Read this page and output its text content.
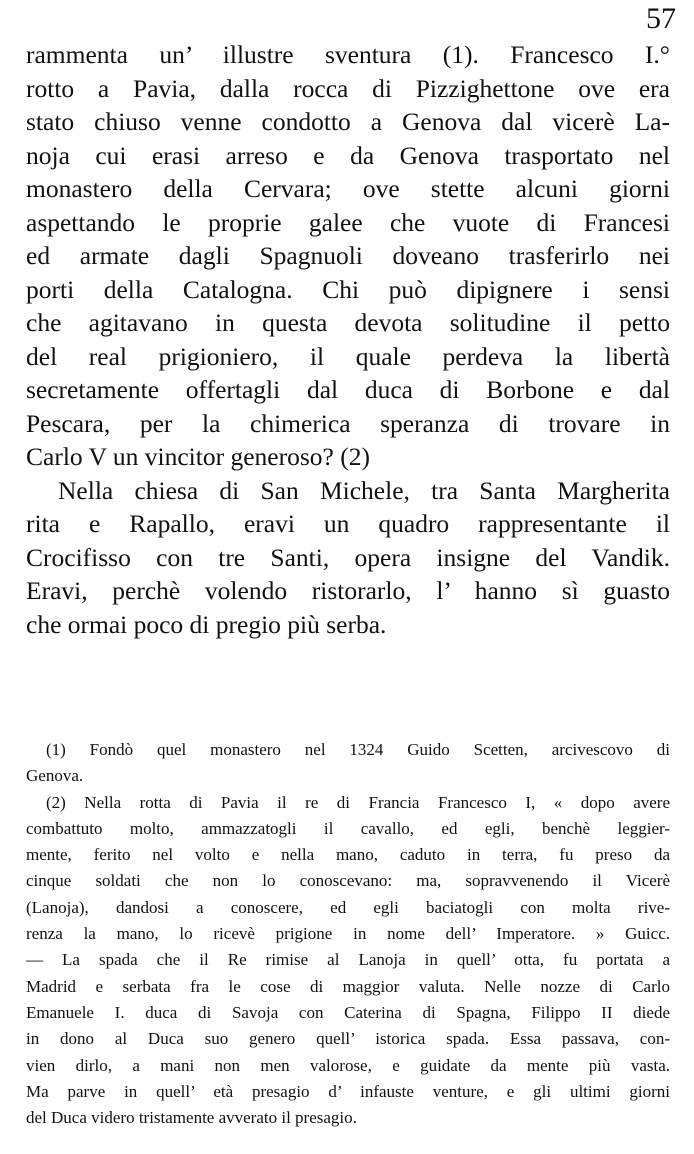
57
rammenta un’ illustre sventura (1). Francesco I.°
rotto a Pavia, dalla rocca di Pizzighettone ove era
stato chiuso venne condotto a Genova dal vicerè La-
noja cui erasi arreso e da Genova trasportato nel
monastero della Cervara; ove stette alcuni giorni
aspettando le proprie galee che vuote di Francesi
ed armate dagli Spagnuoli doveano trasferirlo nei
porti della Catalogna. Chi può dipignere i sensi
che agitavano in questa devota solitudine il petto
del real prigioniero, il quale perdeva la libertà
secretamente offertagli dal duca di Borbone e dal
Pescara, per la chimerica speranza di trovare in
Carlo V un vincitor generoso? (2)
Nella chiesa di San Michele, tra Santa Margherita
rita e Rapallo, eravi un quadro rappresentante il
Crocifisso con tre Santi, opera insigne del Vandik.
Eravi, perchè volendo ristorarlo, l’ hanno sì guasto
che ormai poco di pregio più serba.
(1) Fondò quel monastero nel 1324 Guido Scetten, arcivescovo di
Genova.
(2) Nella rotta di Pavia il re di Francia Francesco I, « dopo avere
combattuto molto, ammazzatogli il cavallo, ed egli, benchè leggier-
mente, ferito nel volto e nella mano, caduto in terra, fu preso da
cinque soldati che non lo conoscevano: ma, sopravvenendo il Vicerè
(Lanoja), dandosi a conoscere, ed egli baciatogli con molta rive-
renza la mano, lo ricevè prigione in nome dell’ Imperatore. » Guicc.
— La spada che il Re rimise al Lanoja in quell’ otta, fu portata a
Madrid e serbata fra le cose di maggior valuta. Nelle nozze di Carlo
Emanuele I. duca di Savoja con Caterina di Spagna, Filippo II diede
in dono al Duca suo genero quell’ istorica spada. Essa passava, con-
vien dirlo, a mani non men valorose, e guidate da mente più vasta.
Ma parve in quell’ età presagio d’ infauste venture, e gli ultimi giorni
del Duca videro tristamente avverato il presagio.
